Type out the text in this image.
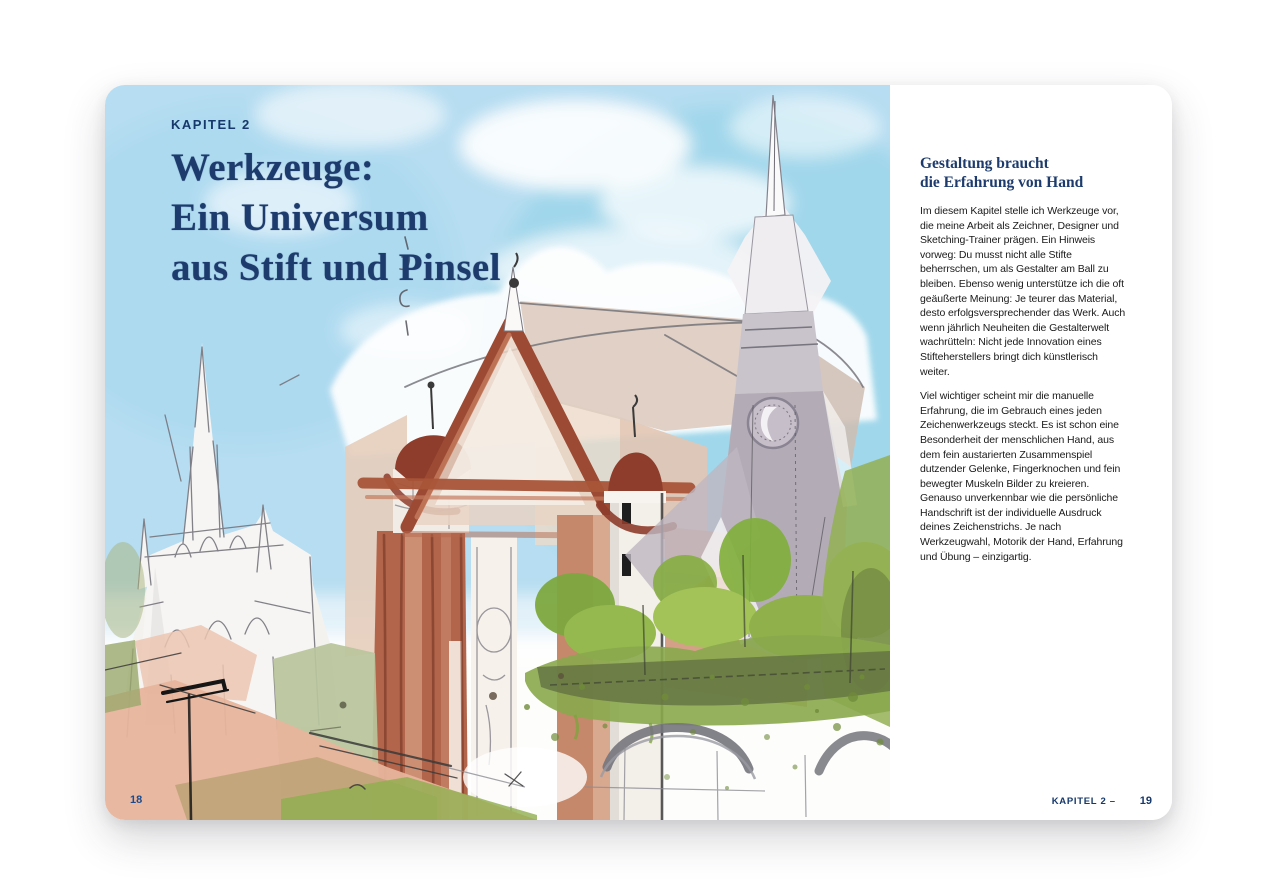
KAPITEL 2
Werkzeuge:
Ein Universum
aus Stift und Pinsel
18
Gestaltung braucht
die Erfahrung von Hand

Im diesem Kapitel stelle ich Werkzeuge vor, die meine Arbeit als Zeichner, Designer und Sketching-Trainer prägen. Ein Hinweis vorweg: Du musst nicht alle Stifte beherrschen, um als Gestalter am Ball zu bleiben. Ebenso wenig unterstütze ich die oft geäußerte Meinung: Je teurer das Material, desto erfolgsversprechender das Werk. Auch wenn jährlich Neuheiten die Gestalterwelt wachrütteln: Nicht jede Innovation eines Stifteherstellers bringt dich künstlerisch weiter.

Viel wichtiger scheint mir die manuelle Erfahrung, die im Gebrauch eines jeden Zeichenwerkzeugs steckt. Es ist schon eine Besonderheit der menschlichen Hand, aus dem fein austarierten Zusammenspiel dutzender Gelenke, Fingerknochen und fein bewegter Muskeln Bilder zu kreieren. Genauso unverkennbar wie die persönliche Handschrift ist der individuelle Ausdruck deines Zeichenstrichs. Je nach Werkzeugwahl, Motorik der Hand, Erfahrung und Übung – einzigartig.

KAPITEL 2 – 19
